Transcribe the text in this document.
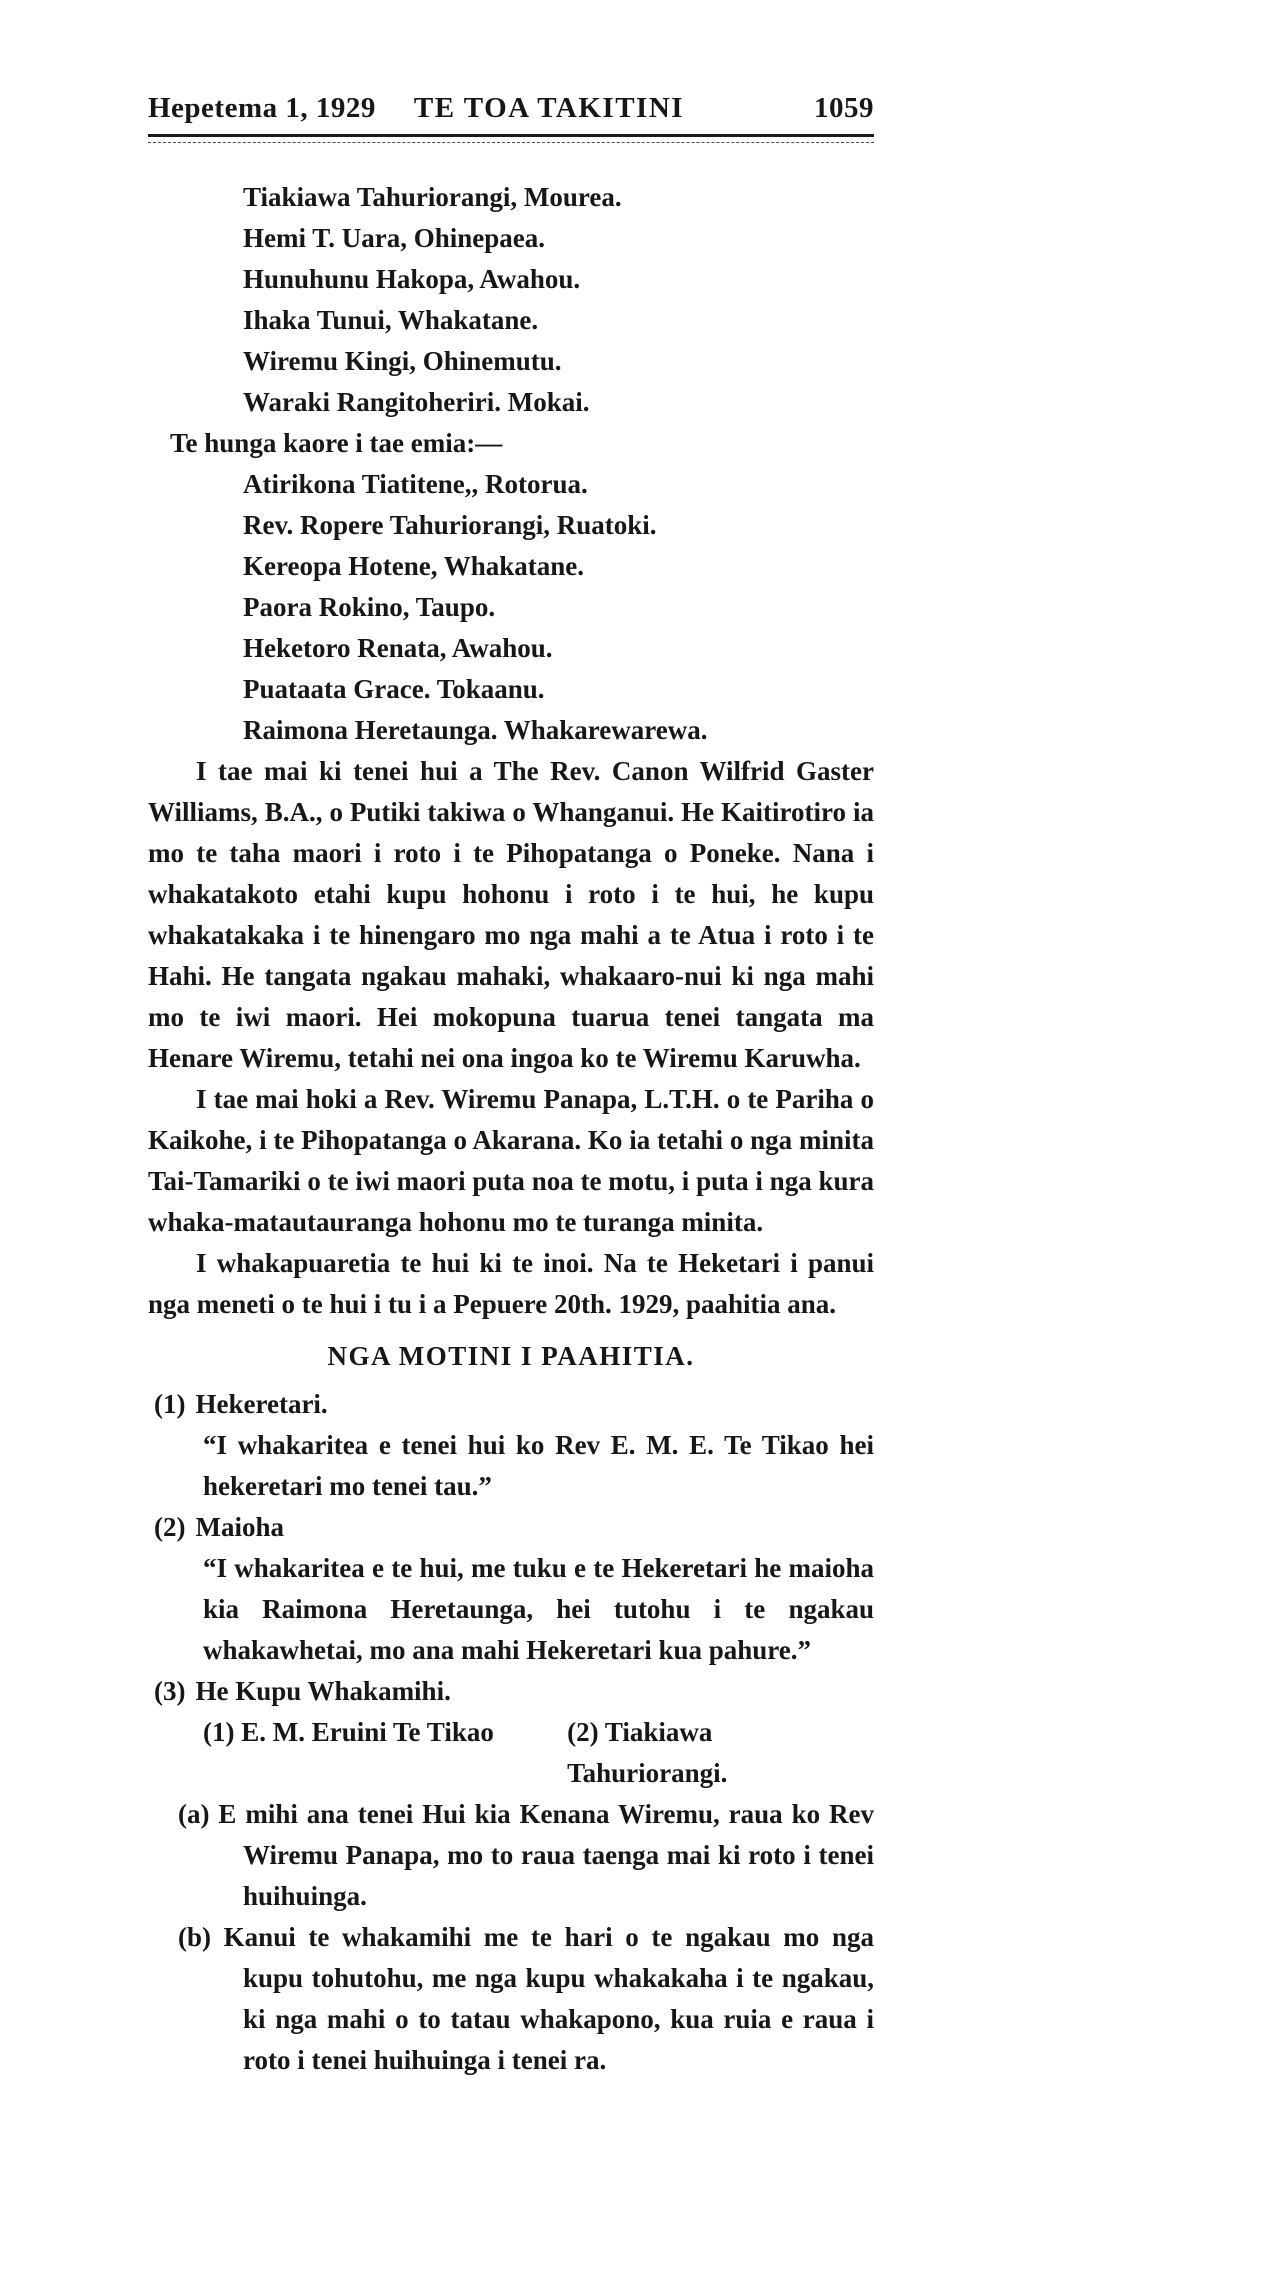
Hepetema 1, 1929 TE TOA TAKITINI	1059
Tiakiawa Tahuriorangi, Mourea.
Hemi T. Uara, Ohinepaea.
Hunuhunu Hakopa, Awahou.
Ihaka Tunui, Whakatane.
Wiremu Kingi, Ohinemutu.
Waraki Rangitoheriri. Mokai.

Te hunga kaore i tae emia:—

Atirikona Tiatitene,, Rotorua.
Rev. Ropere Tahuriorangi, Ruatoki.
Kereopa Hotene, Whakatane.
Paora Rokino, Taupo.
Heketoro Renata, Awahou.
Puataata Grace. Tokaanu.
Raimona Heretaunga. Whakarewarewa.

I tae mai ki tenei hui a The Rev. Canon Wilfrid Gaster Williams, B.A., o Putiki takiwa o Whanganui. He Kaitirotiro ia mo te taha maori i roto i te Pihopatanga o Poneke. Nana i whakatakoto etahi kupu hohonu i roto i te hui, he kupu whakatakaka i te hinengaro mo nga mahi a te Atua i roto i te Hahi. He tangata ngakau mahaki, whakaaro-nui ki nga mahi mo te iwi maori. Hei mokopuna tuarua tenei tangata ma Henare Wiremu, tetahi nei ona ingoa ko te Wiremu Karuwha.

I tae mai hoki a Rev. Wiremu Panapa, L.T.H. o te Pariha o Kaikohe, i te Pihopatanga o Akarana. Ko ia tetahi o nga minita Tai-Tamariki o te iwi maori puta noa te motu, i puta i nga kura whaka-matautauranga hohonu mo te turanga minita.

I whakapuaretia te hui ki te inoi. Na te Heketari i panui nga meneti o te hui i tu i a Pepuere 20th. 1929, paahitia ana.

NGA MOTINI I PAAHITIA.

(1) Hekeretari.

“I whakaritea e tenei hui ko Rev E. M. E. Te Tikao hei hekeretari mo tenei tau.”

(2) Maioha

“I whakaritea e te hui, me tuku e te Hekeretari he maioha kia Raimona Heretaunga, hei tutohu i te ngakau whakawhetai, mo ana mahi Hekeretari kua pahure.”

(3) He Kupu Whakamihi.

(1) E. M. Eruini Te Tikao	(2) Tiakiawa Tahuriorangi.

(a) E mihi ana tenei Hui kia Kenana Wiremu, raua ko Rev Wiremu Panapa, mo to raua taenga mai ki roto i tenei huihuinga.

(b) Kanui te whakamihi me te hari o te ngakau mo nga kupu tohutohu, me nga kupu whakakaha i te ngakau, ki nga mahi o to tatau whakapono, kua ruia e raua i roto i tenei huihuinga i tenei ra.
